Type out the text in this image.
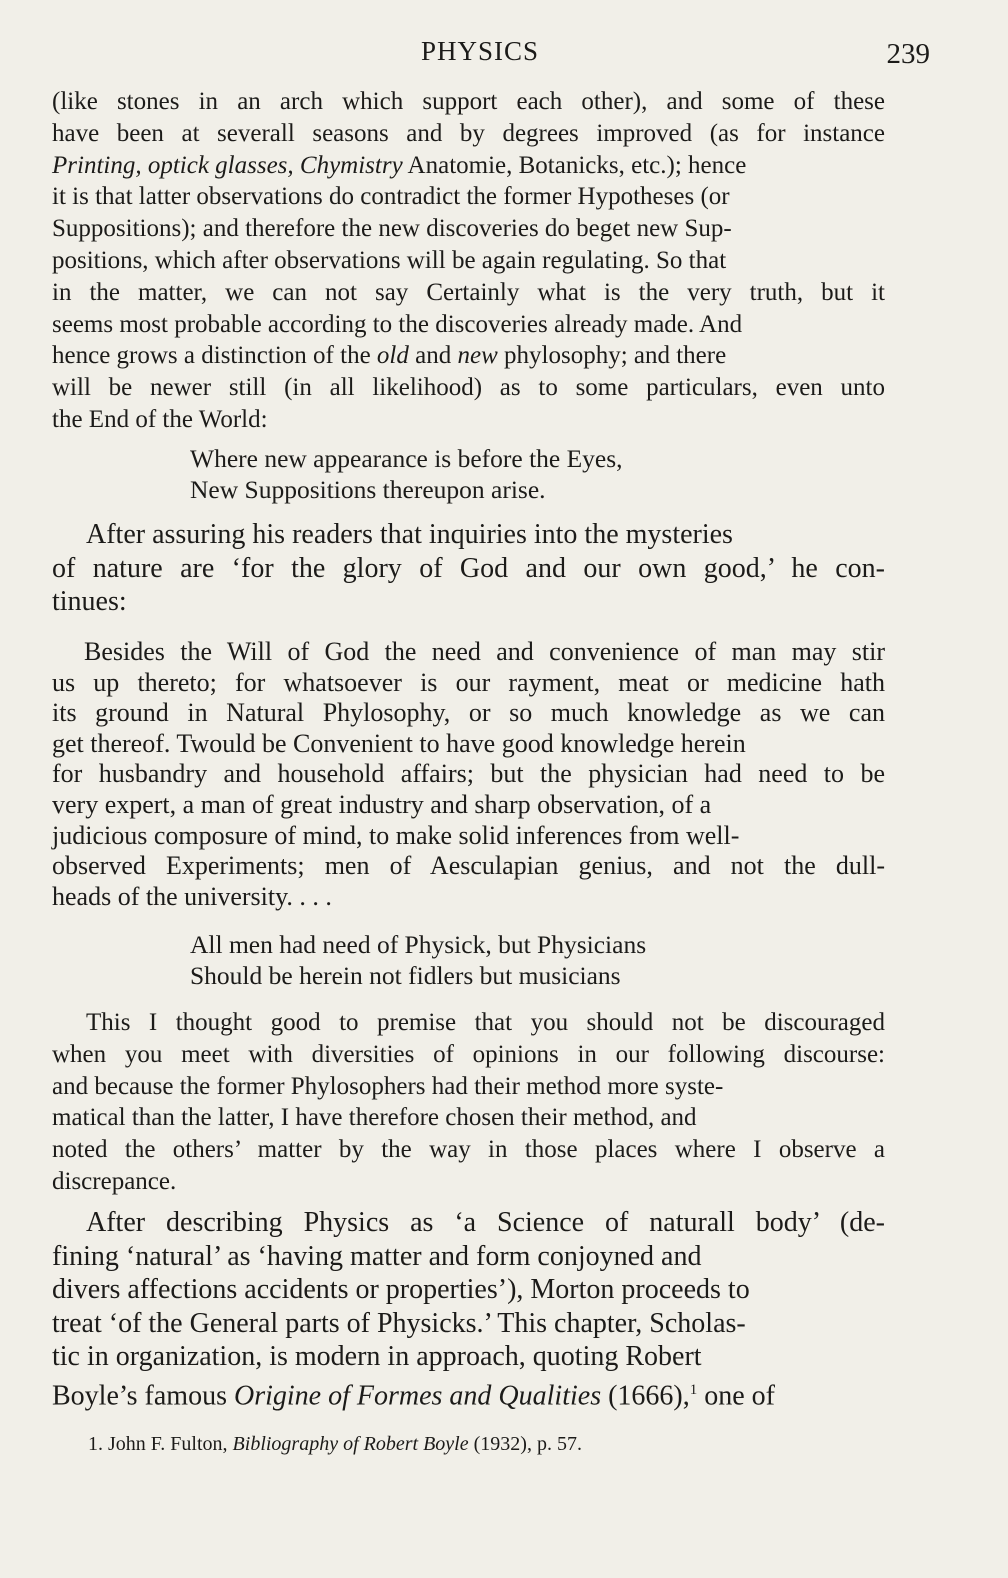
PHYSICS	239
(like stones in an arch which support each other), and some of these
have been at severall seasons and by degrees improved (as for instance
Printing, optick glasses, Chymistry Anatomie, Botanicks, etc.); hence
it is that latter observations do contradict the former Hypotheses (or
Suppositions); and therefore the new discoveries do beget new Sup-
positions, which after observations will be again regulating. So that
in the matter, we can not say Certainly what is the very truth, but it
seems most probable according to the discoveries already made. And
hence grows a distinction of the old and new phylosophy; and there
will be newer still (in all likelihood) as to some particulars, even unto
the End of the World:
Where new appearance is before the Eyes,
New Suppositions thereupon arise.
After assuring his readers that inquiries into the mysteries
of nature are ‘for the glory of God and our own good,’ he con-
tinues:
Besides the Will of God the need and convenience of man may stir
us up thereto; for whatsoever is our rayment, meat or medicine hath
its ground in Natural Phylosophy, or so much knowledge as we can
get thereof. Twould be Convenient to have good knowledge herein
for husbandry and household affairs; but the physician had need to be
very expert, a man of great industry and sharp observation, of a
judicious composure of mind, to make solid inferences from well-
observed Experiments; men of Aesculapian genius, and not the dull-
heads of the university. . . .
All men had need of Physick, but Physicians
Should be herein not fidlers but musicians
This I thought good to premise that you should not be discouraged
when you meet with diversities of opinions in our following discourse:
and because the former Phylosophers had their method more syste-
matical than the latter, I have therefore chosen their method, and
noted the others’ matter by the way in those places where I observe a
discrepance.
After describing Physics as ‘a Science of naturall body’ (de-
fining ‘natural’ as ‘having matter and form conjoyned and
divers affections accidents or properties’), Morton proceeds to
treat ‘of the General parts of Physicks.’ This chapter, Scholas-
tic in organization, is modern in approach, quoting Robert
Boyle’s famous Origine of Formes and Qualities (1666),$^1$ one of
1. John F. Fulton, Bibliography of Robert Boyle (1932), p. 57.
